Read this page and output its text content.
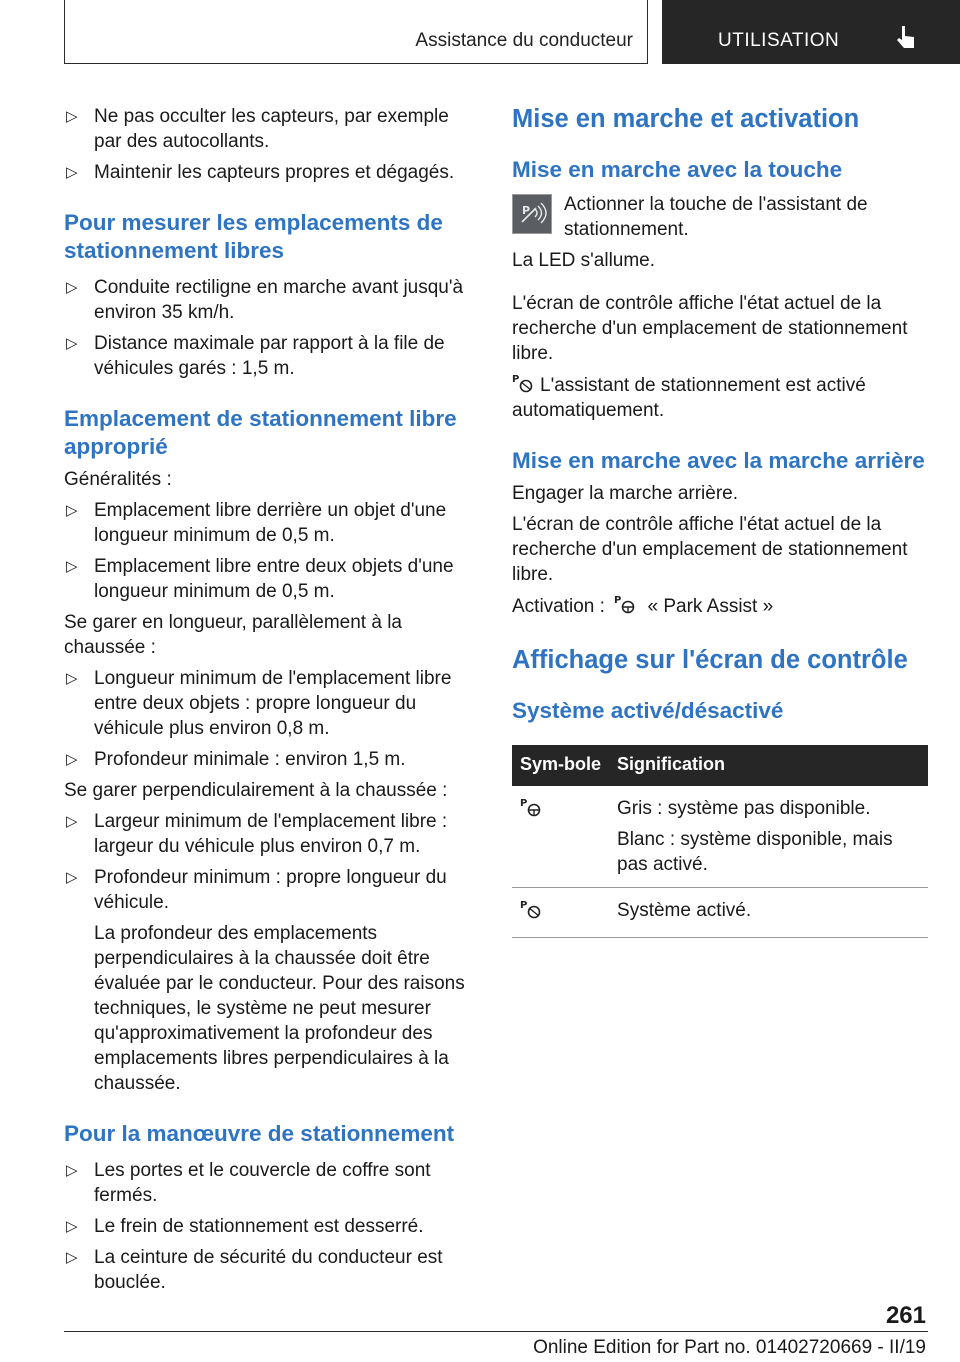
Assistance du conducteur	UTILISATION
▷ Ne pas occulter les capteurs, par exemple par des autocollants.
▷ Maintenir les capteurs propres et dégagés.

Pour mesurer les emplacements de stationnement libres

▷ Conduite rectiligne en marche avant jusqu'à environ 35 km/h.
▷ Distance maximale par rapport à la file de véhicules garés : 1,5 m.

Emplacement de stationnement libre approprié

Généralités :

▷ Emplacement libre derrière un objet d'une longueur minimum de 0,5 m.
▷ Emplacement libre entre deux objets d'une longueur minimum de 0,5 m.

Se garer en longueur, parallèlement à la chaussée :

▷ Longueur minimum de l'emplacement libre entre deux objets : propre longueur du véhicule plus environ 0,8 m.
▷ Profondeur minimale : environ 1,5 m.

Se garer perpendiculairement à la chaussée :

▷ Largeur minimum de l'emplacement libre : largeur du véhicule plus environ 0,7 m.
▷ Profondeur minimum : propre longueur du véhicule.

La profondeur des emplacements perpendiculaires à la chaussée doit être évaluée par le conducteur. Pour des raisons techniques, le système ne peut mesurer qu'approximativement la profondeur des emplacements libres perpendiculaires à la chaussée.

Pour la manœuvre de stationnement

▷ Les portes et le couvercle de coffre sont fermés.
▷ Le frein de stationnement est desserré.
▷ La ceinture de sécurité du conducteur est bouclée.

Mise en marche et activation

Mise en marche avec la touche

P	Actionner la touche de l'assistant de stationnement.

La LED s'allume.

L'écran de contrôle affiche l'état actuel de la recherche d'un emplacement de stationnement libre.

P L'assistant de stationnement est activé automatiquement.

Mise en marche avec la marche arrière

Engager la marche arrière.

L'écran de contrôle affiche l'état actuel de la recherche d'un emplacement de stationnement libre.

Activation : P « Park Assist »

Affichage sur l'écran de contrôle

Système activé/désactivé

Sym‑bole	Signification

P	Gris : système pas disponible.

Blanc : système disponible, mais pas activé.

P	Système activé.

261
Online Edition for Part no. 01402720669 - II/19
